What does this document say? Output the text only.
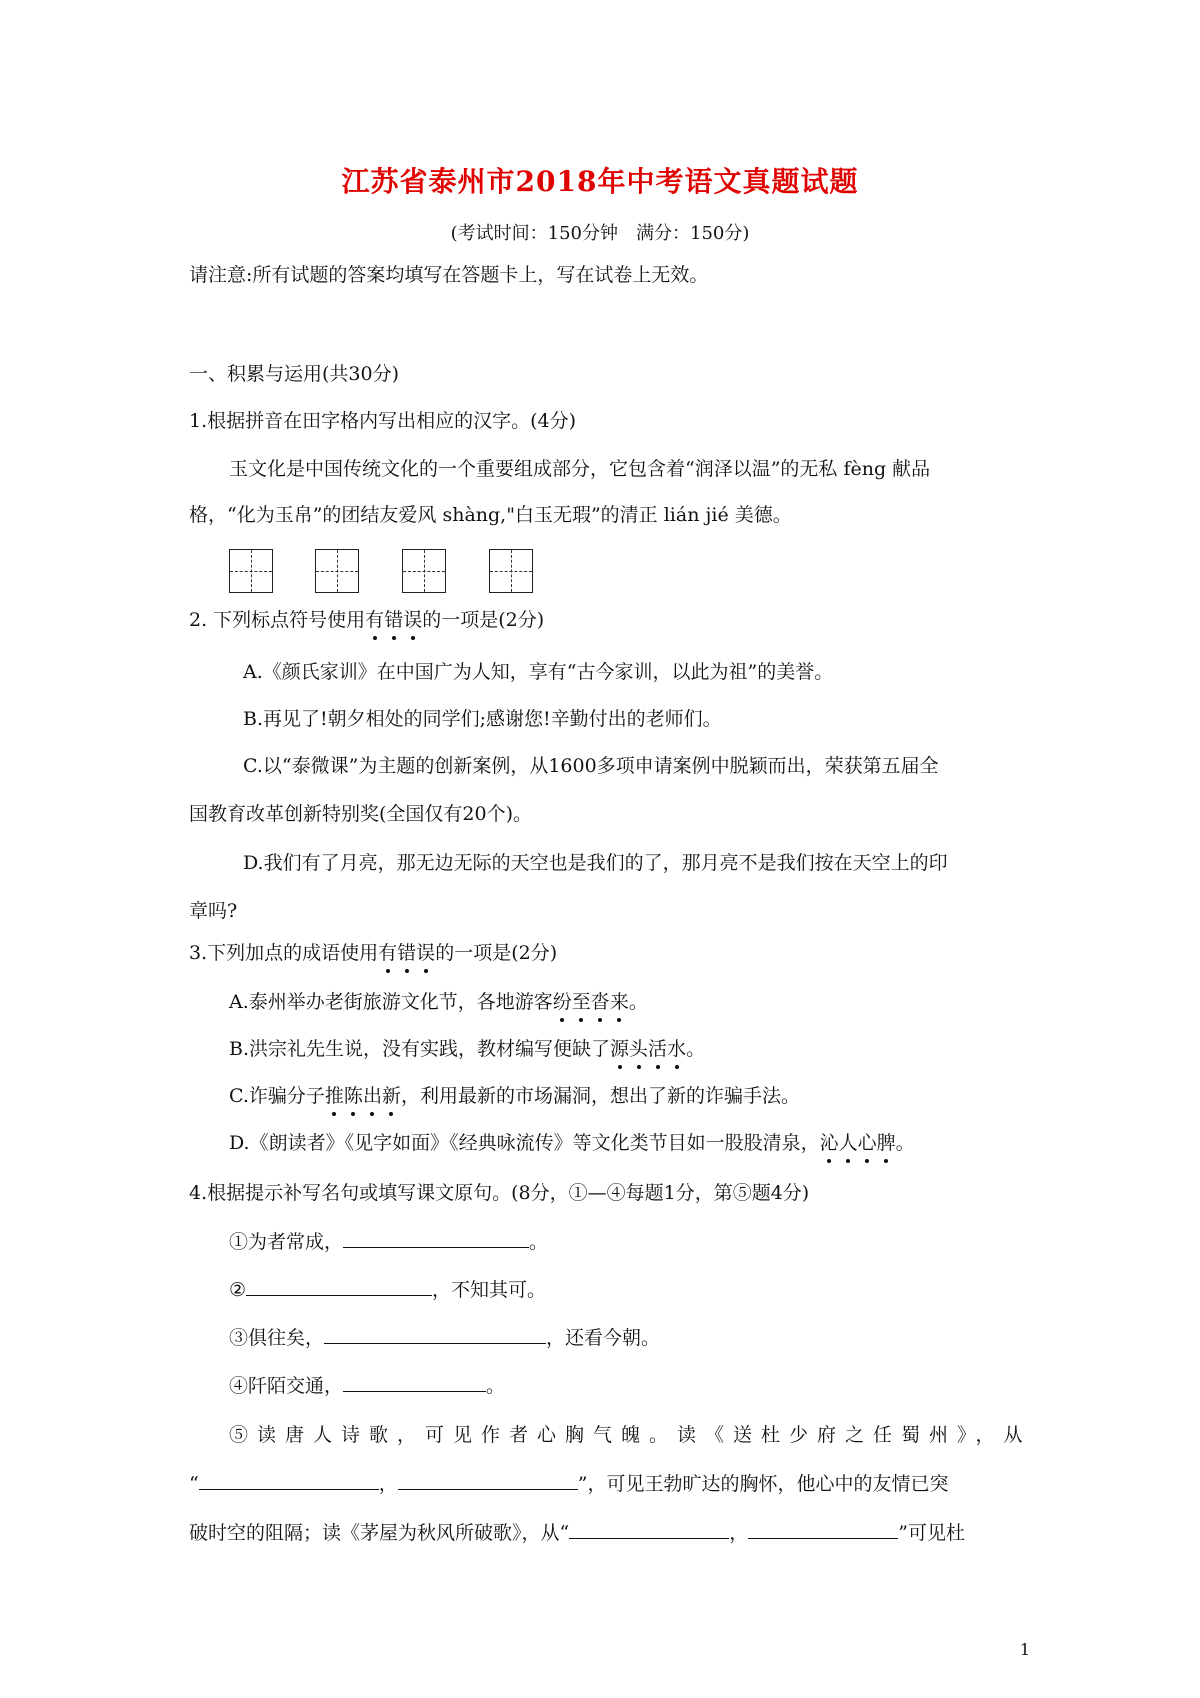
江苏省泰州市2018年中考语文真题试题
(考试时间：150分钟　满分：150分)
请注意:所有试题的答案均填写在答题卡上，写在试卷上无效。
一、积累与运用(共30分)
1.根据拼音在田字格内写出相应的汉字。(4分)
玉文化是中国传统文化的一个重要组成部分，它包含着“润泽以温”的无私 fèng 献品
格，“化为玉帛”的团结友爱风 shàng,"白玉无瑕”的清正 lián jié 美德。
2. 下列标点符号使用有错误的一项是(2分)
A.《颜氏家训》在中国广为人知，享有“古今家训，以此为祖”的美誉。
B.再见了!朝夕相处的同学们;感谢您!辛勤付出的老师们。
C.以“泰微课”为主题的创新案例，从1600多项申请案例中脱颖而出，荣获第五届全
国教育改革创新特别奖(全国仅有20个)。
D.我们有了月亮，那无边无际的天空也是我们的了，那月亮不是我们按在天空上的印
章吗?
3.下列加点的成语使用有错误的一项是(2分)
A.泰州举办老街旅游文化节，各地游客纷至沓来。
B.洪宗礼先生说，没有实践，教材编写便缺了源头活水。
C.诈骗分子推陈出新，利用最新的市场漏洞，想出了新的诈骗手法。
D.《朗读者》《见字如面》《经典咏流传》等文化类节目如一股股清泉，沁人心脾。
4.根据提示补写名句或填写课文原句。(8分，①—④每题1分，第⑤题4分)
①为者常成，	。
②	，不知其可。
③俱往矣，	，还看今朝。
④阡陌交通，	。
⑤读唐人诗歌，可见作者心胸气魄。读《送杜少府之任蜀州》，从
“	，	”，可见王勃旷达的胸怀，他心中的友情已突
破时空的阻隔；读《茅屋为秋风所破歌》，从“	，	”可见杜
1
